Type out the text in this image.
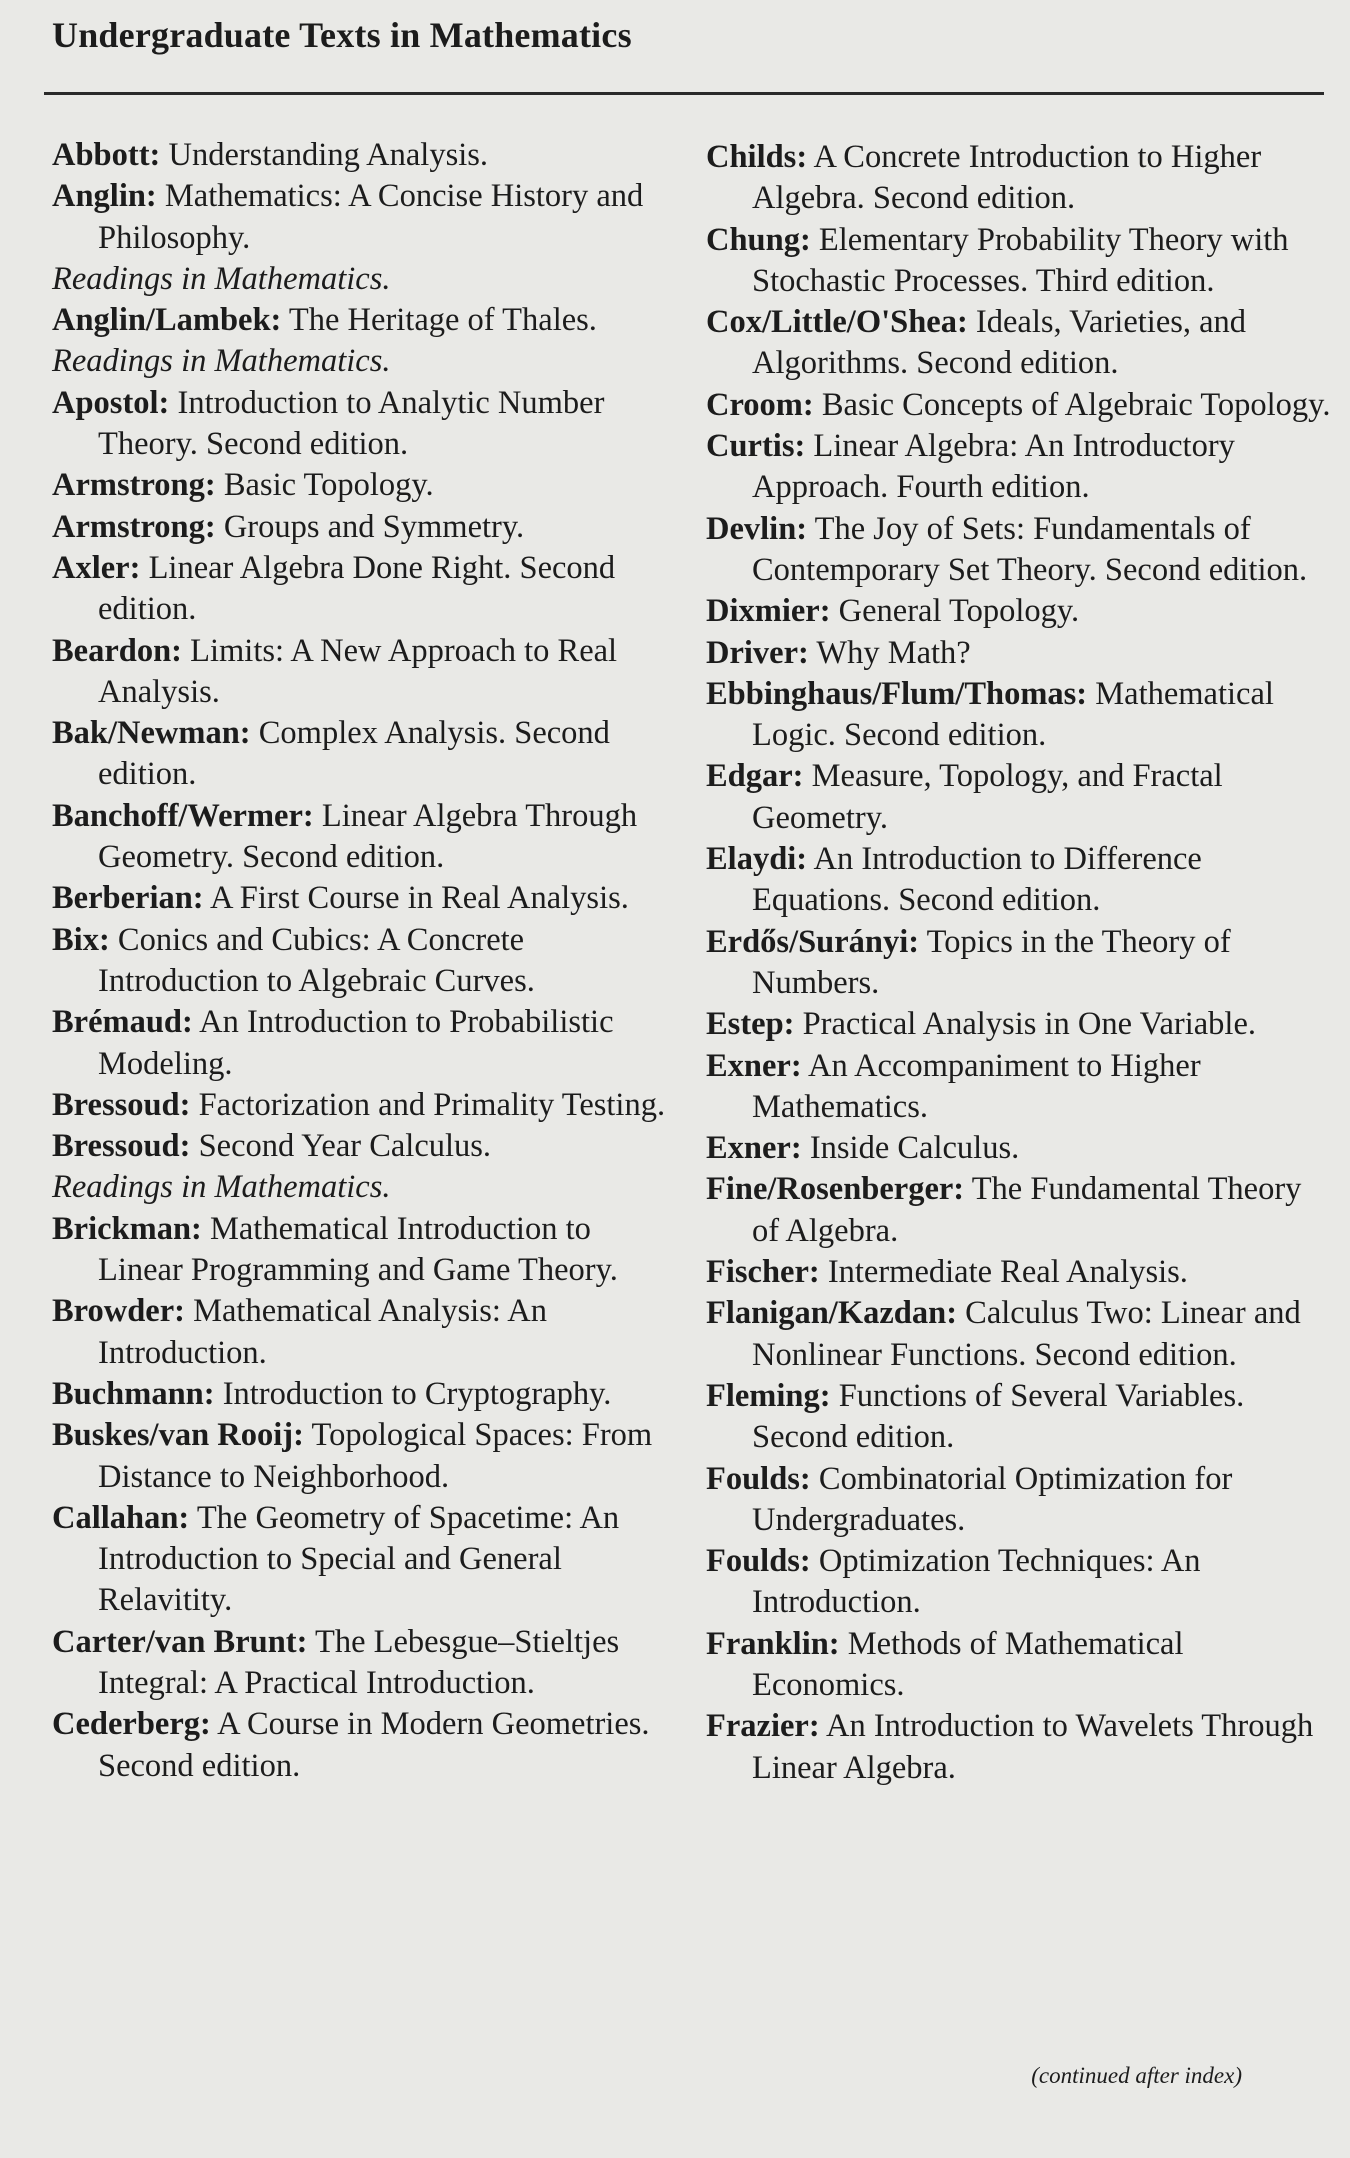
Undergraduate Texts in Mathematics
Abbott: Understanding Analysis.
Anglin: Mathematics: A Concise History and Philosophy.
Readings in Mathematics.
Anglin/Lambek: The Heritage of Thales.
Readings in Mathematics.
Apostol: Introduction to Analytic Number Theory. Second edition.
Armstrong: Basic Topology.
Armstrong: Groups and Symmetry.
Axler: Linear Algebra Done Right. Second edition.
Beardon: Limits: A New Approach to Real Analysis.
Bak/Newman: Complex Analysis. Second edition.
Banchoff/Wermer: Linear Algebra Through Geometry. Second edition.
Berberian: A First Course in Real Analysis.
Bix: Conics and Cubics: A Concrete Introduction to Algebraic Curves.
Brémaud: An Introduction to Probabilistic Modeling.
Bressoud: Factorization and Primality Testing.
Bressoud: Second Year Calculus.
Readings in Mathematics.
Brickman: Mathematical Introduction to Linear Programming and Game Theory.
Browder: Mathematical Analysis: An Introduction.
Buchmann: Introduction to Cryptography.
Buskes/van Rooij: Topological Spaces: From Distance to Neighborhood.
Callahan: The Geometry of Spacetime: An Introduction to Special and General Relavitity.
Carter/van Brunt: The Lebesgue–Stieltjes Integral: A Practical Introduction.
Cederberg: A Course in Modern Geometries. Second edition.
Childs: A Concrete Introduction to Higher Algebra. Second edition.
Chung: Elementary Probability Theory with Stochastic Processes. Third edition.
Cox/Little/O'Shea: Ideals, Varieties, and Algorithms. Second edition.
Croom: Basic Concepts of Algebraic Topology.
Curtis: Linear Algebra: An Introductory Approach. Fourth edition.
Devlin: The Joy of Sets: Fundamentals of Contemporary Set Theory. Second edition.
Dixmier: General Topology.
Driver: Why Math?
Ebbinghaus/Flum/Thomas: Mathematical Logic. Second edition.
Edgar: Measure, Topology, and Fractal Geometry.
Elaydi: An Introduction to Difference Equations. Second edition.
Erdős/Surányi: Topics in the Theory of Numbers.
Estep: Practical Analysis in One Variable.
Exner: An Accompaniment to Higher Mathematics.
Exner: Inside Calculus.
Fine/Rosenberger: The Fundamental Theory of Algebra.
Fischer: Intermediate Real Analysis.
Flanigan/Kazdan: Calculus Two: Linear and Nonlinear Functions. Second edition.
Fleming: Functions of Several Variables. Second edition.
Foulds: Combinatorial Optimization for Undergraduates.
Foulds: Optimization Techniques: An Introduction.
Franklin: Methods of Mathematical Economics.
Frazier: An Introduction to Wavelets Through Linear Algebra.

(continued after index)
